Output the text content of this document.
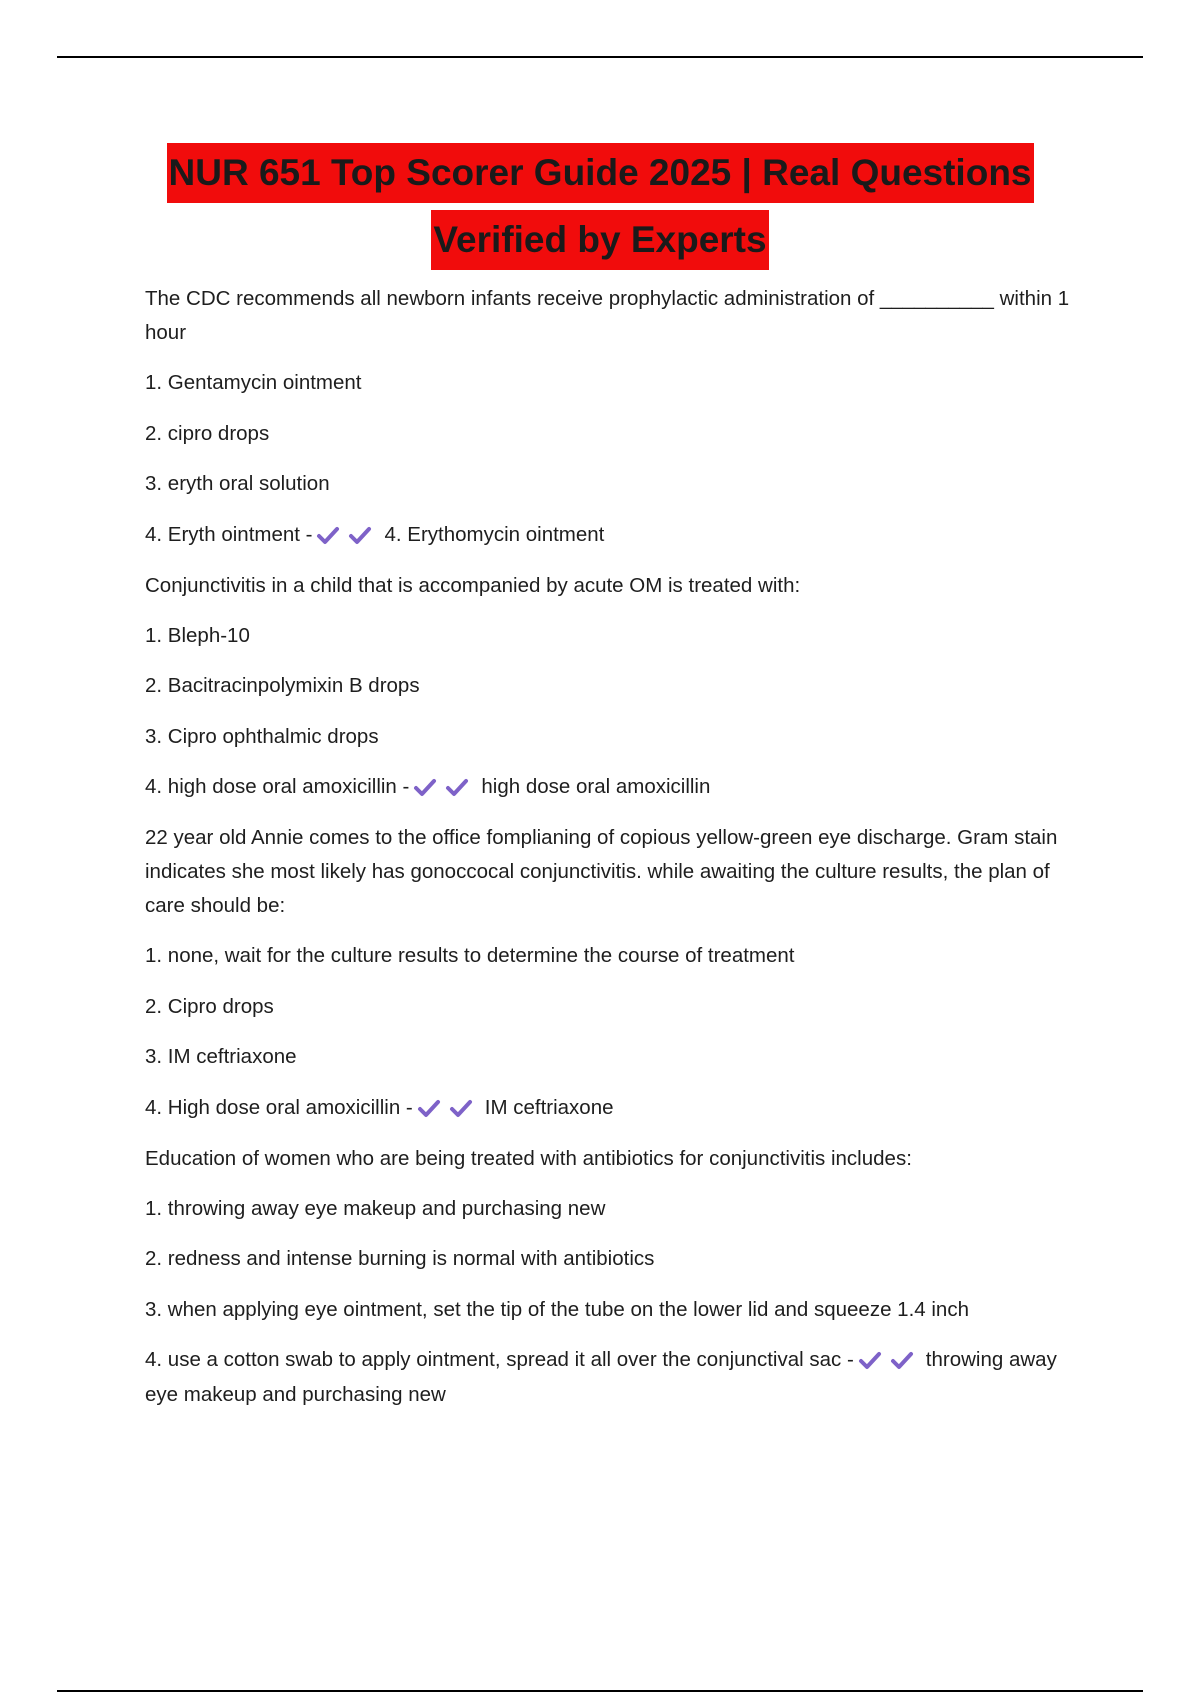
NUR 651 Top Scorer Guide 2025 | Real Questions
Verified by Experts
The CDC recommends all newborn infants receive prophylactic administration of __________ within 1 hour
1. Gentamycin ointment
2. cipro drops
3. eryth oral solution
4. Eryth ointment -	4. Erythomycin ointment
Conjunctivitis in a child that is accompanied by acute OM is treated with:
1. Bleph-10
2. Bacitracinpolymixin B drops
3. Cipro ophthalmic drops
4. high dose oral amoxicillin -	high dose oral amoxicillin
22 year old Annie comes to the office fomplianing of copious yellow-green eye discharge. Gram stain indicates she most likely has gonoccocal conjunctivitis. while awaiting the culture results, the plan of care should be:
1. none, wait for the culture results to determine the course of treatment
2. Cipro drops
3. IM ceftriaxone
4. High dose oral amoxicillin -	IM ceftriaxone
Education of women who are being treated with antibiotics for conjunctivitis includes:
1. throwing away eye makeup and purchasing new
2. redness and intense burning is normal with antibiotics
3. when applying eye ointment, set the tip of the tube on the lower lid and squeeze 1.4 inch
4. use a cotton swab to apply ointment, spread it all over the conjunctival sac -	throwing away eye makeup and purchasing new
